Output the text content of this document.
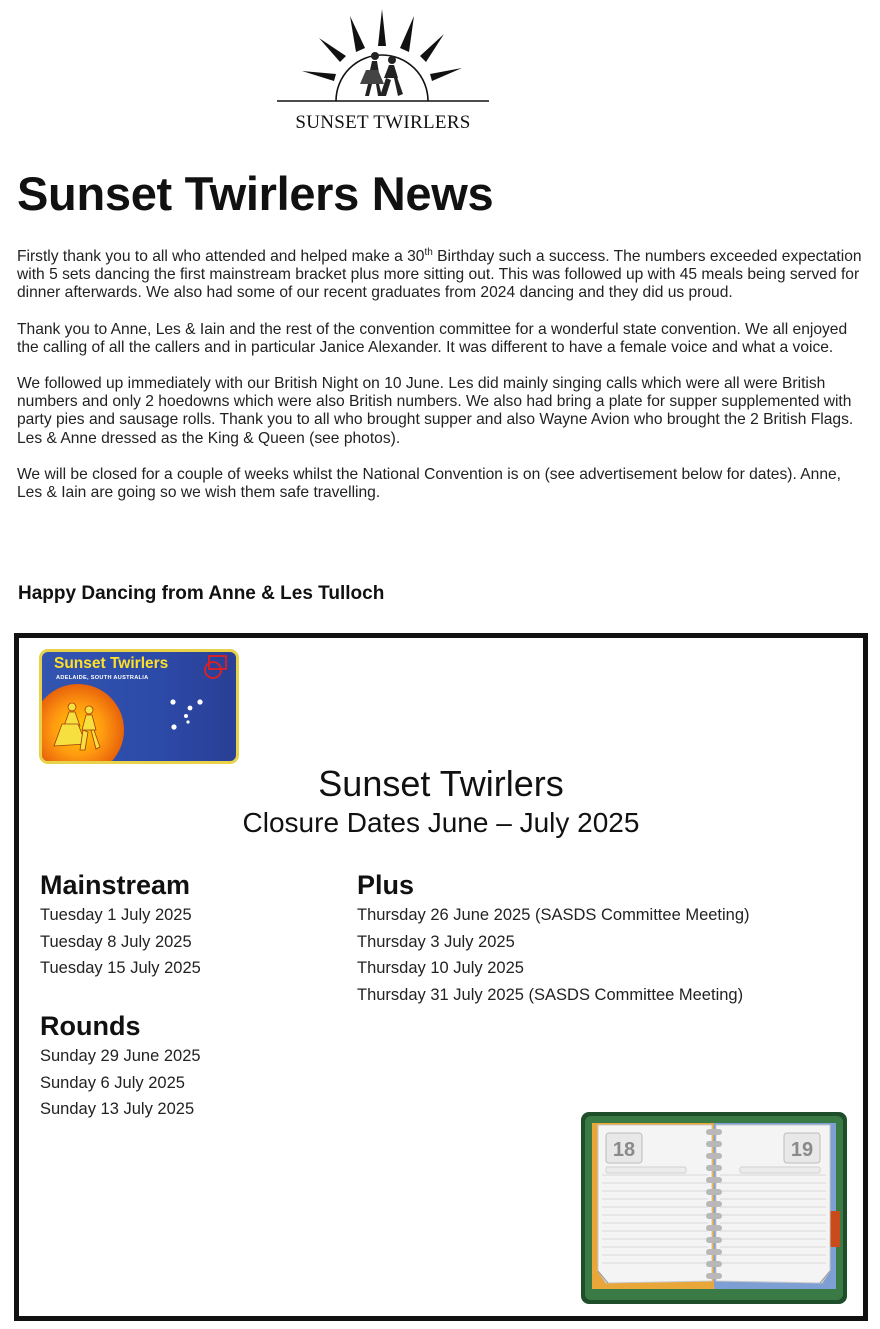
SUNSET TWIRLERS
Sunset Twirlers News

Firstly thank you to all who attended and helped make a 30th Birthday such a success. The numbers exceeded expectation with 5 sets dancing the first mainstream bracket plus more sitting out. This was followed up with 45 meals being served for dinner afterwards. We also had some of our recent graduates from 2024 dancing and they did us proud.

Thank you to Anne, Les & Iain and the rest of the convention committee for a wonderful state convention. We all enjoyed the calling of all the callers and in particular Janice Alexander. It was different to have a female voice and what a voice.

We followed up immediately with our British Night on 10 June. Les did mainly singing calls which were all were British numbers and only 2 hoedowns which were also British numbers. We also had bring a plate for supper supplemented with party pies and sausage rolls. Thank you to all who brought supper and also Wayne Avion who brought the 2 British Flags. Les & Anne dressed as the King & Queen (see photos).

We will be closed for a couple of weeks whilst the National Convention is on (see advertisement below for dates). Anne, Les & Iain are going so we wish them safe travelling.

Happy Dancing from Anne & Les Tulloch

Sunset Twirlers
ADELAIDE, SOUTH AUSTRALIA
Sunset Twirlers
Closure Dates June – July 2025
Mainstream
Tuesday 1 July 2025
Tuesday 8 July 2025
Tuesday 15 July 2025
Plus
Thursday 26 June 2025 (SASDS Committee Meeting)
Thursday 3 July 2025
Thursday 10 July 2025
Thursday 31 July 2025 (SASDS Committee Meeting)
Rounds
Sunday 29 June 2025
Sunday 6 July 2025
Sunday 13 July 2025
18	19
